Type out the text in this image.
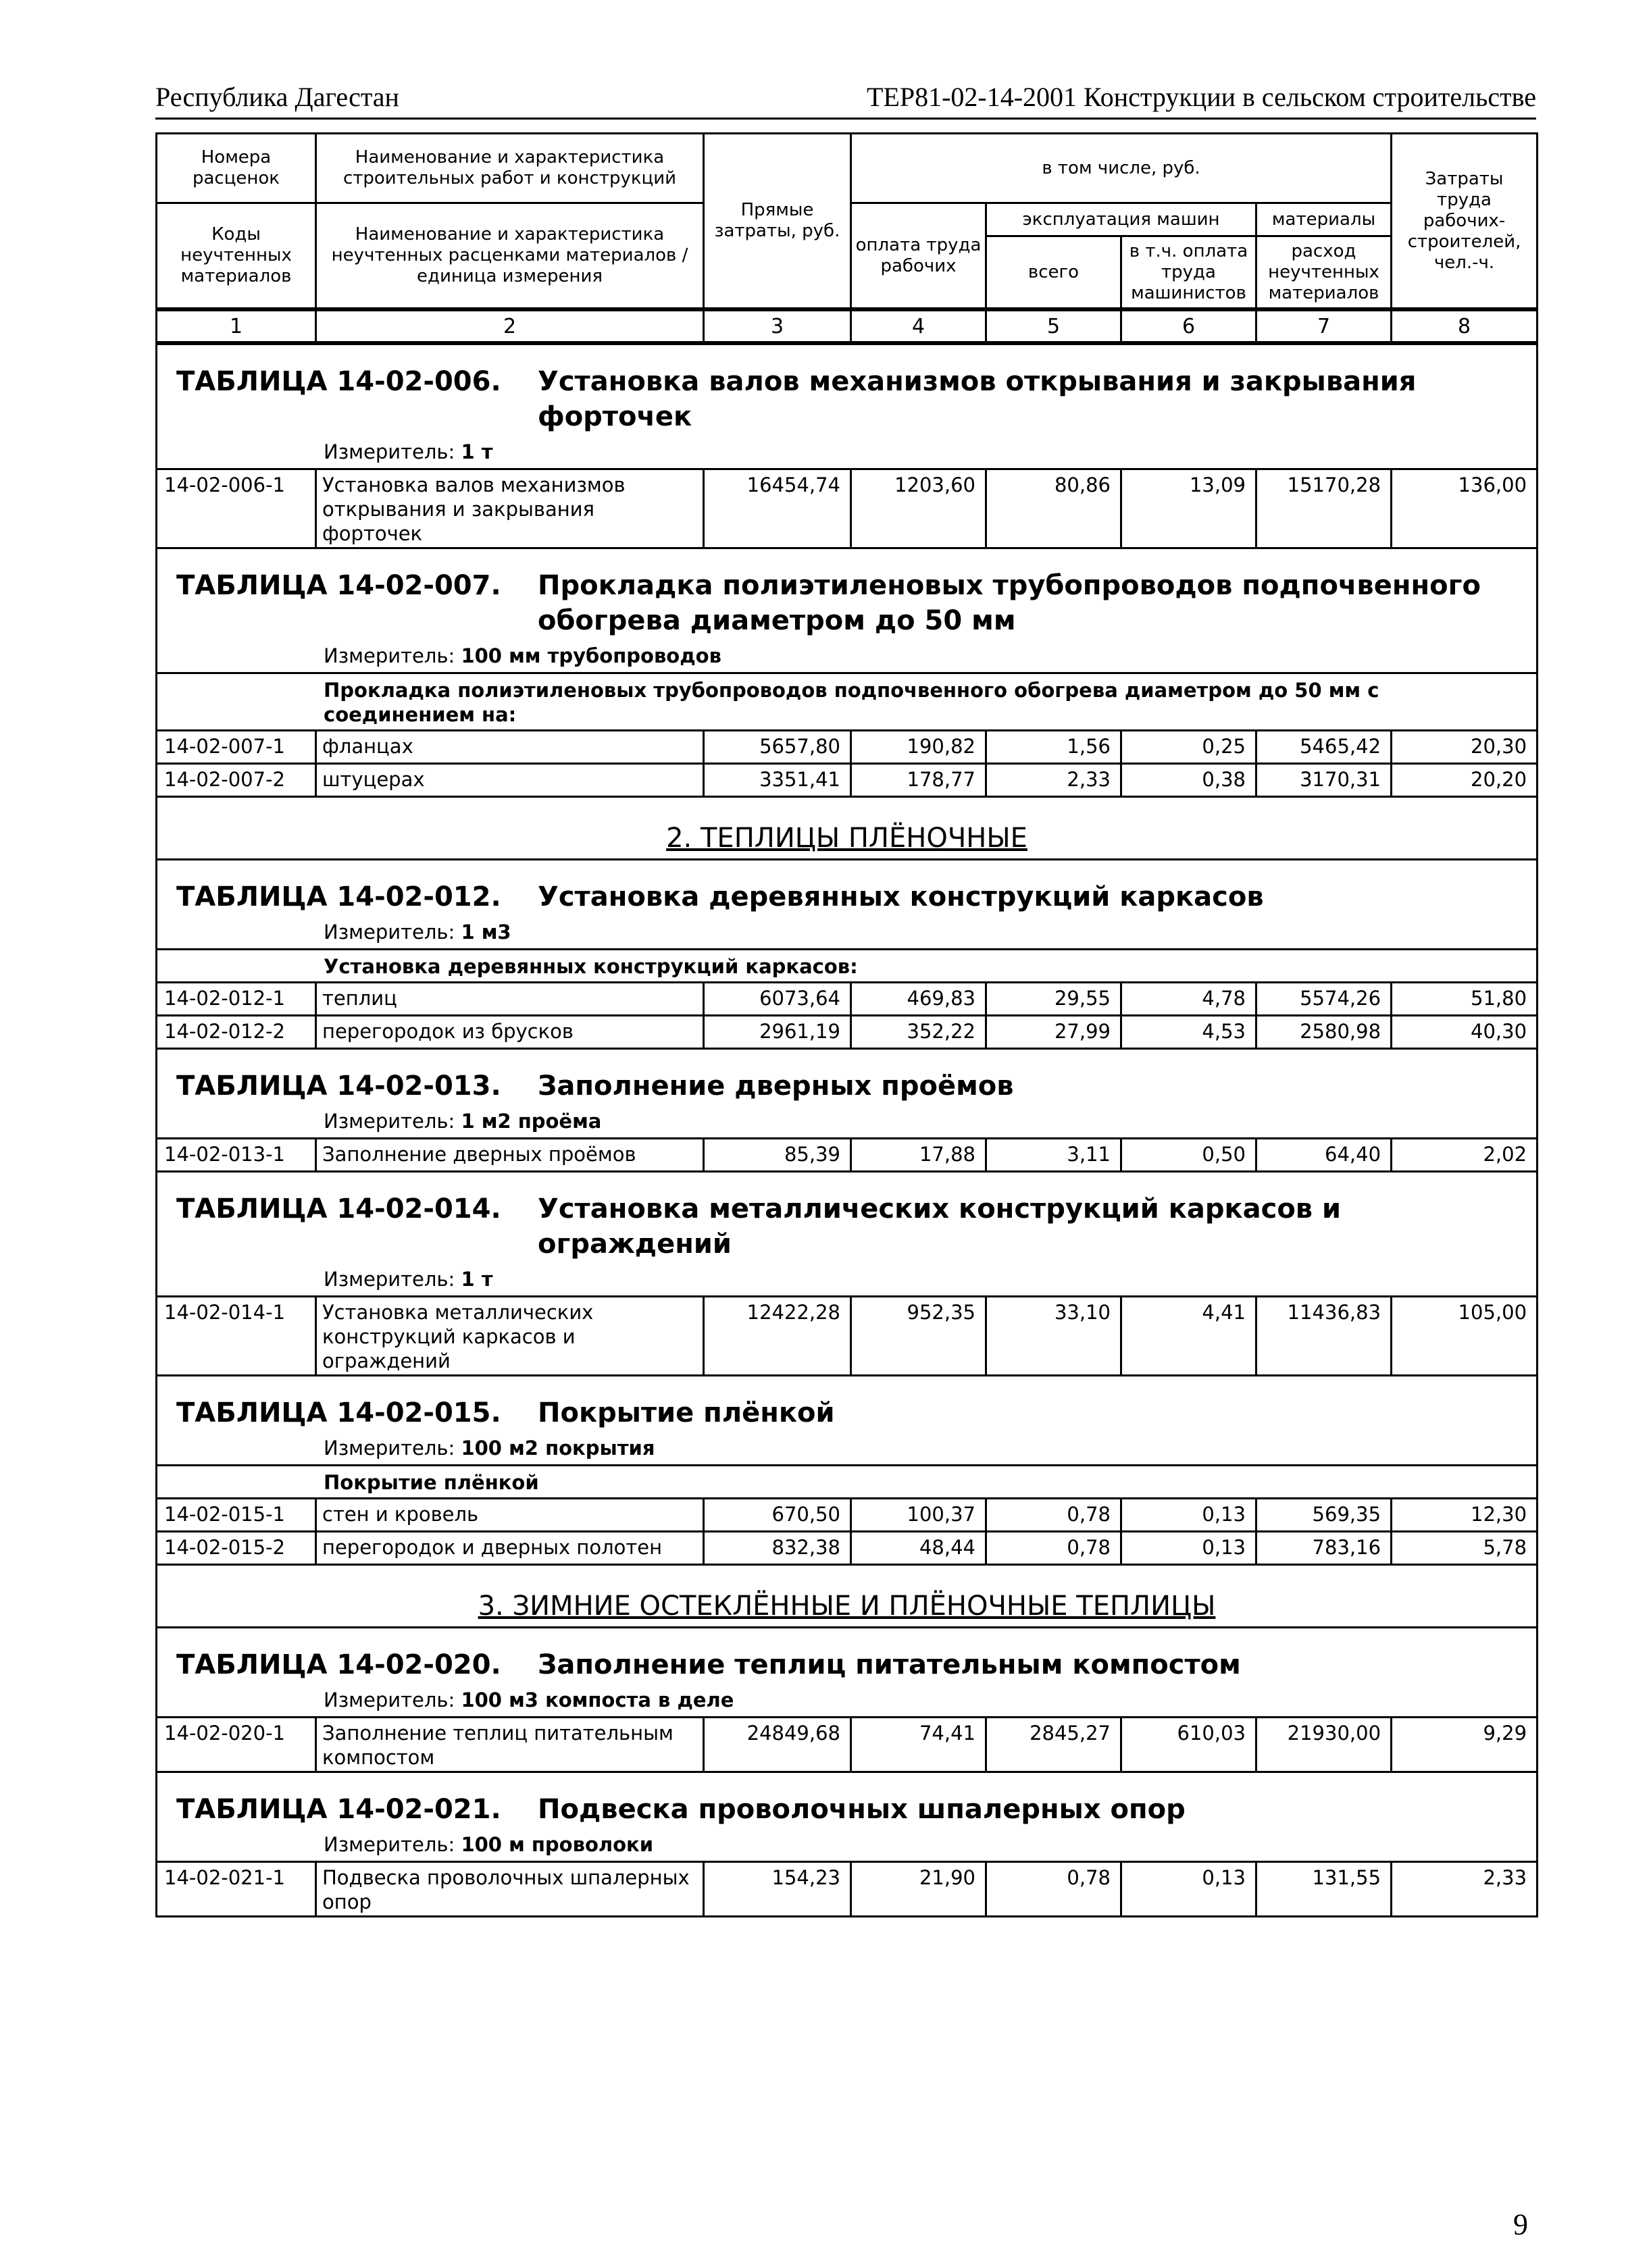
Республика Дагестан	ТЕР81-02-14-2001 Конструкции в сельском строительстве
Номера расценок	Наименование и характеристика строительных работ и конструкций	Прямые затраты, руб.	в том числе, руб.				Затраты труда рабочих-строителей, чел.-ч.
Коды неучтенных материалов	Наименование и характеристика неучтенных расценками материалов / единица измерения		оплата труда рабочих	эксплуатация машин		материалы	
				всего	в т.ч. оплата труда машинистов	расход неучтенных материалов	
1	2	3	4	5	6	7	8

ТАБЛИЦА 14-02-006. Установка валов механизмов открывания и закрывания форточек
Измеритель: 1 т							

14-02-006-1	Установка валов механизмов открывания и закрывания форточек	16454,74	1203,60	80,86	13,09	15170,28	136,00

ТАБЛИЦА 14-02-007. Прокладка полиэтиленовых трубопроводов подпочвенного обогрева диаметром до 50 мм
Измеритель: 100 мм трубопроводов							

Прокладка полиэтиленовых трубопроводов подпочвенного обогрева диаметром до 50 мм с соединением на:							

14-02-007-1	фланцах	5657,80	190,82	1,56	0,25	5465,42	20,30
14-02-007-2	штуцерах	3351,41	178,77	2,33	0,38	3170,31	20,20

2. ТЕПЛИЦЫ ПЛЁНОЧНЫЕ							

ТАБЛИЦА 14-02-012. Установка деревянных конструкций каркасов
Измеритель: 1 м3							

Установка деревянных конструкций каркасов:							

14-02-012-1	теплиц	6073,64	469,83	29,55	4,78	5574,26	51,80
14-02-012-2	перегородок из брусков	2961,19	352,22	27,99	4,53	2580,98	40,30

ТАБЛИЦА 14-02-013. Заполнение дверных проёмов
Измеритель: 1 м2 проёма							

14-02-013-1	Заполнение дверных проёмов	85,39	17,88	3,11	0,50	64,40	2,02

ТАБЛИЦА 14-02-014. Установка металлических конструкций каркасов и ограждений
Измеритель: 1 т							

14-02-014-1	Установка металлических конструкций каркасов и ограждений	12422,28	952,35	33,10	4,41	11436,83	105,00

ТАБЛИЦА 14-02-015. Покрытие плёнкой
Измеритель: 100 м2 покрытия							

Покрытие плёнкой							

14-02-015-1	стен и кровель	670,50	100,37	0,78	0,13	569,35	12,30
14-02-015-2	перегородок и дверных полотен	832,38	48,44	0,78	0,13	783,16	5,78

3. ЗИМНИЕ ОСТЕКЛЁННЫЕ И ПЛЁНОЧНЫЕ ТЕПЛИЦЫ							

ТАБЛИЦА 14-02-020. Заполнение теплиц питательным компостом
Измеритель: 100 м3 компоста в деле							

14-02-020-1	Заполнение теплиц питательным компостом	24849,68	74,41	2845,27	610,03	21930,00	9,29

ТАБЛИЦА 14-02-021. Подвеска проволочных шпалерных опор
Измеритель: 100 м проволоки							

14-02-021-1	Подвеска проволочных шпалерных опор	154,23	21,90	0,78	0,13	131,55	2,33
9
